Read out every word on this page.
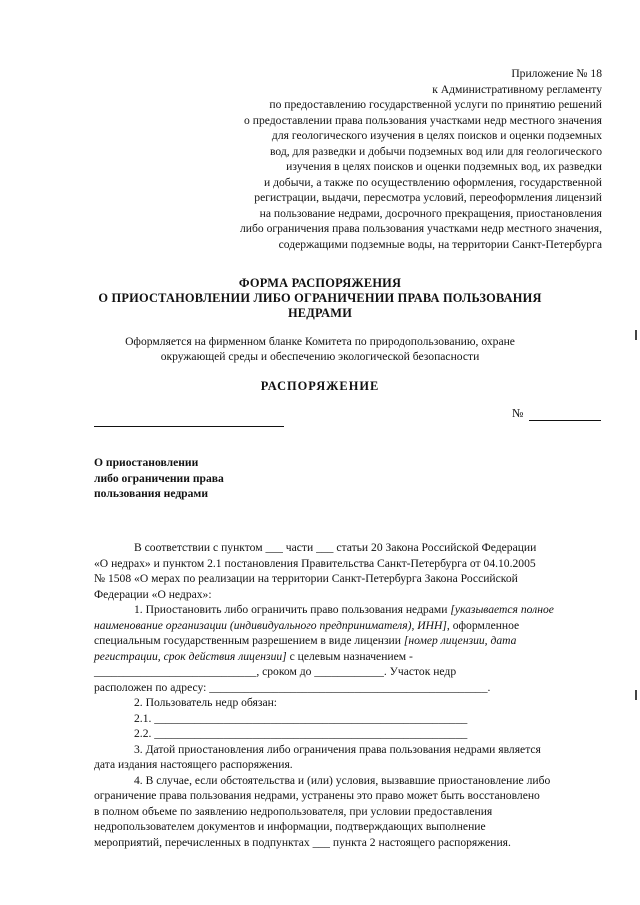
Приложение № 18
к Административному регламенту
по предоставлению государственной услуги по принятию решений
о предоставлении права пользования участками недр местного значения
для геологического изучения в целях поисков и оценки подземных
вод, для разведки и добычи подземных вод или для геологического
изучения в целях поисков и оценки подземных вод, их разведки
и добычи, а также по осуществлению оформления, государственной
регистрации, выдачи, пересмотра условий, переоформления лицензий
на пользование недрами, досрочного прекращения, приостановления
либо ограничения права пользования участками недр местного значения,
содержащими подземные воды, на территории Санкт-Петербурга
ФОРМА РАСПОРЯЖЕНИЯ
О ПРИОСТАНОВЛЕНИИ ЛИБО ОГРАНИЧЕНИИ ПРАВА ПОЛЬЗОВАНИЯ
НЕДРАМИ
Оформляется на фирменном бланке Комитета по природопользованию, охране
окружающей среды и обеспечению экологической безопасности
РАСПОРЯЖЕНИЕ
№
О приостановлении
либо ограничении права
пользования недрами
В соответствии с пунктом ___ части ___ статьи 20 Закона Российской Федерации
«О недрах» и пунктом 2.1 постановления Правительства Санкт-Петербурга от 04.10.2005
№ 1508 «О мерах по реализации на территории Санкт-Петербурга Закона Российской
Федерации «О недрах»:
1. Приостановить либо ограничить право пользования недрами [указывается полное
наименование организации (индивидуального предпринимателя), ИНН], оформленное
специальным государственным разрешением в виде лицензии [номер лицензии, дата
регистрации, срок действия лицензии] с целевым назначением -
____________________________, сроком до ____________. Участок недр
расположен по адресу: ________________________________________________.
2. Пользователь недр обязан:
2.1. ______________________________________________________
2.2. ______________________________________________________
3. Датой приостановления либо ограничения права пользования недрами является
дата издания настоящего распоряжения.
4. В случае, если обстоятельства и (или) условия, вызвавшие приостановление либо
ограничение права пользования недрами, устранены это право может быть восстановлено
в полном объеме по заявлению недропользователя, при условии предоставления
недропользователем документов и информации, подтверждающих выполнение
мероприятий, перечисленных в подпунктах ___ пункта 2 настоящего распоряжения.
